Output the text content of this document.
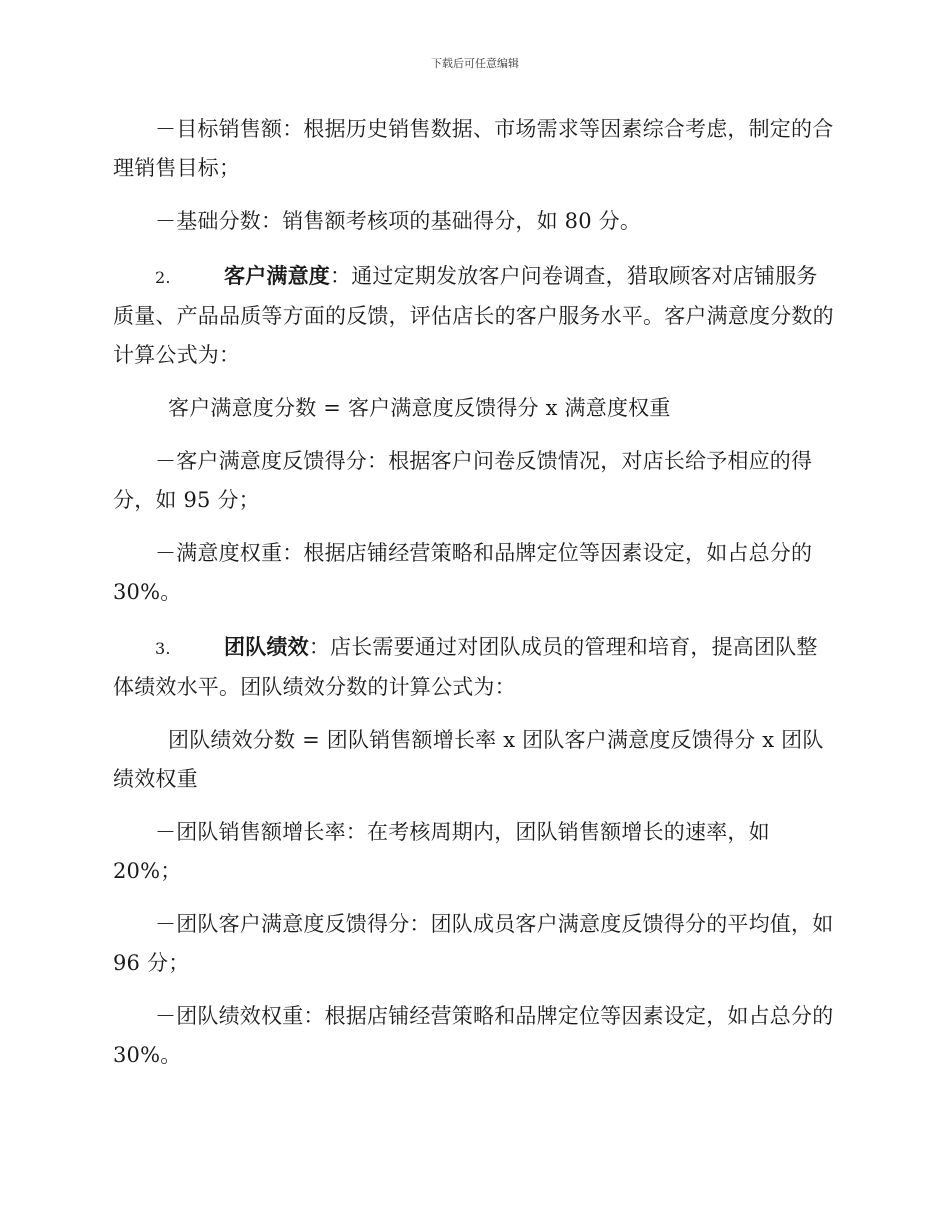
下载后可任意编辑

－目标销售额：根据历史销售数据、市场需求等因素综合考虑，制定的合理销售目标；

－基础分数：销售额考核项的基础得分，如 80 分。

2.	客户满意度：通过定期发放客户问卷调查，猎取顾客对店铺服务质量、产品品质等方面的反馈，评估店长的客户服务水平。客户满意度分数的计算公式为：

客户满意度分数 = 客户满意度反馈得分 x 满意度权重

－客户满意度反馈得分：根据客户问卷反馈情况，对店长给予相应的得分，如 95 分；

－满意度权重：根据店铺经营策略和品牌定位等因素设定，如占总分的 30%。

3.	团队绩效：店长需要通过对团队成员的管理和培育，提高团队整体绩效水平。团队绩效分数的计算公式为：

团队绩效分数 = 团队销售额增长率 x 团队客户满意度反馈得分 x 团队绩效权重

－团队销售额增长率：在考核周期内，团队销售额增长的速率，如 20%；

－团队客户满意度反馈得分：团队成员客户满意度反馈得分的平均值，如 96 分；

－团队绩效权重：根据店铺经营策略和品牌定位等因素设定，如占总分的 30%。
